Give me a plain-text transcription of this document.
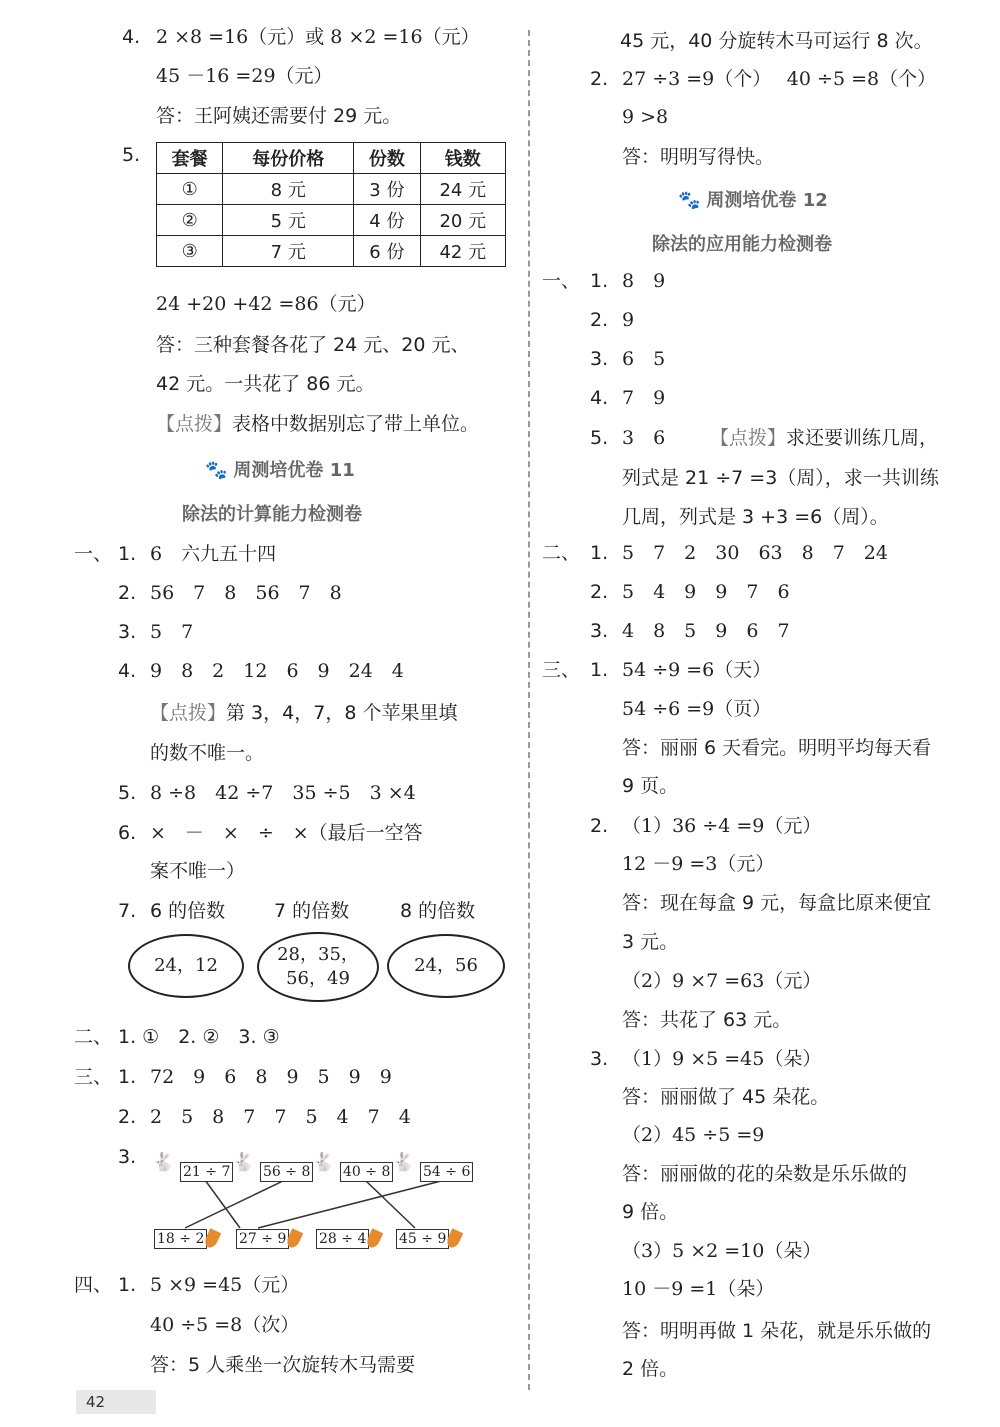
4. 2 ×8 =16（元）或 8 ×2 =16（元）
45 －16 =29（元）
答：王阿姨还需要付 29 元。
5. 套餐	每份价格	份数	钱数
①	8 元	3 份	24 元
②	5 元	4 份	20 元
③	7 元	6 份	42 元
24 +20 +42 =86（元）
答：三种套餐各花了 24 元、20 元、
42 元。一共花了 86 元。
【点拨】表格中数据别忘了带上单位。
🐾 周测培优卷 11
除法的计算能力检测卷
一、 1. 6　六九五十四
2. 56　7　8　56　7　8
3. 5　7
4. 9　8　2　12　6　9　24　4
【点拨】第 3，4，7，8 个苹果里填
的数不唯一。
5. 8 ÷8　42 ÷7　35 ÷5　3 ×4
6. ×　－　×　÷　×（最后一空答
案不唯一）
7. 6 的倍数	7 的倍数	8 的倍数
24，12
28，35，
56，49
24，56
二、 1. ①　2. ②　3. ③
三、 1. 72　9　6　8　9　5　9　9
2. 2　5　8　7　7　5　4　7　4
3. 🐇 21 ÷ 7 🐇 56 ÷ 8 🐇 40 ÷ 8 🐇 54 ÷ 6
18 ÷ 2 27 ÷ 9 28 ÷ 4 45 ÷ 9
四、 1. 5 ×9 =45（元）
40 ÷5 =8（次）
答：5 人乘坐一次旋转木马需要
42
45 元，40 分旋转木马可运行 8 次。
2. 27 ÷3 =9（个）　 40 ÷5 =8（个）
9 >8
答：明明写得快。
🐾 周测培优卷 12
除法的应用能力检测卷
一、 1. 8　9
2. 9
3. 6　5
4. 7　9
5. 3　6 【点拨】求还要训练几周，
列式是 21 ÷7 =3（周），求一共训练
几周，列式是 3 +3 =6（周）。
二、 1. 5　7　2　30　63　8　7　24
2. 5　4　9　9　7　6
3. 4　8　5　9　6　7
三、 1. 54 ÷9 =6（天）
54 ÷6 =9（页）
答：丽丽 6 天看完。明明平均每天看
9 页。
2. （1）36 ÷4 =9（元）
12 －9 =3（元）
答：现在每盒 9 元，每盒比原来便宜
3 元。
（2）9 ×7 =63（元）
答：共花了 63 元。
3. （1）9 ×5 =45（朵）
答：丽丽做了 45 朵花。
（2）45 ÷5 =9
答：丽丽做的花的朵数是乐乐做的
9 倍。
（3）5 ×2 =10（朵）
10 －9 =1（朵）
答：明明再做 1 朵花，就是乐乐做的
2 倍。
